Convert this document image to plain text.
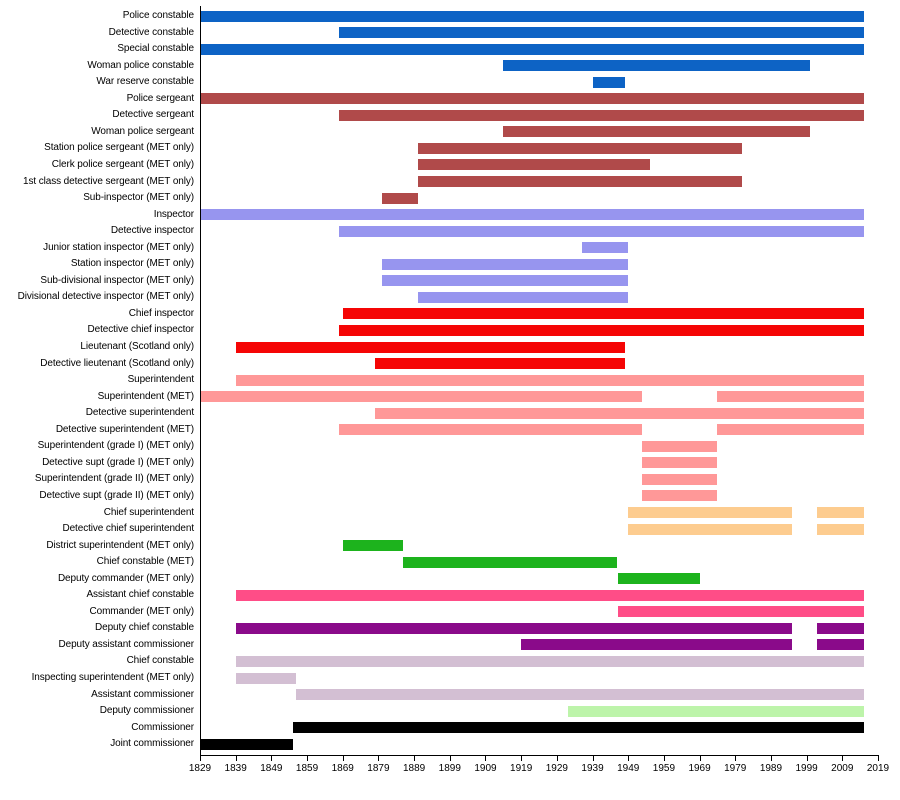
Police constable
Detective constable
Special constable
Woman police constable
War reserve constable
Police sergeant
Detective sergeant
Woman police sergeant
Station police sergeant (MET only)
Clerk police sergeant (MET only)
1st class detective sergeant (MET only)
Sub-inspector (MET only)
Inspector
Detective inspector
Junior station inspector (MET only)
Station inspector (MET only)
Sub-divisional inspector (MET only)
Divisional detective inspector (MET only)
Chief inspector
Detective chief inspector
Lieutenant (Scotland only)
Detective lieutenant (Scotland only)
Superintendent
Superintendent (MET)
Detective superintendent
Detective superintendent (MET)
Superintendent (grade I) (MET only)
Detective supt (grade I) (MET only)
Superintendent (grade II) (MET only)
Detective supt (grade II) (MET only)
Chief superintendent
Detective chief superintendent
District superintendent (MET only)
Chief constable (MET)
Deputy commander (MET only)
Assistant chief constable
Commander (MET only)
Deputy chief constable
Deputy assistant commissioner
Chief constable
Inspecting superintendent (MET only)
Assistant commissioner
Deputy commissioner
Commissioner
Joint commissioner
1829	1839	1849	1859	1869	1879	1889	1899	1909	1919	1929	1939	1949	1959	1969	1979	1989	1999	2009	2019
